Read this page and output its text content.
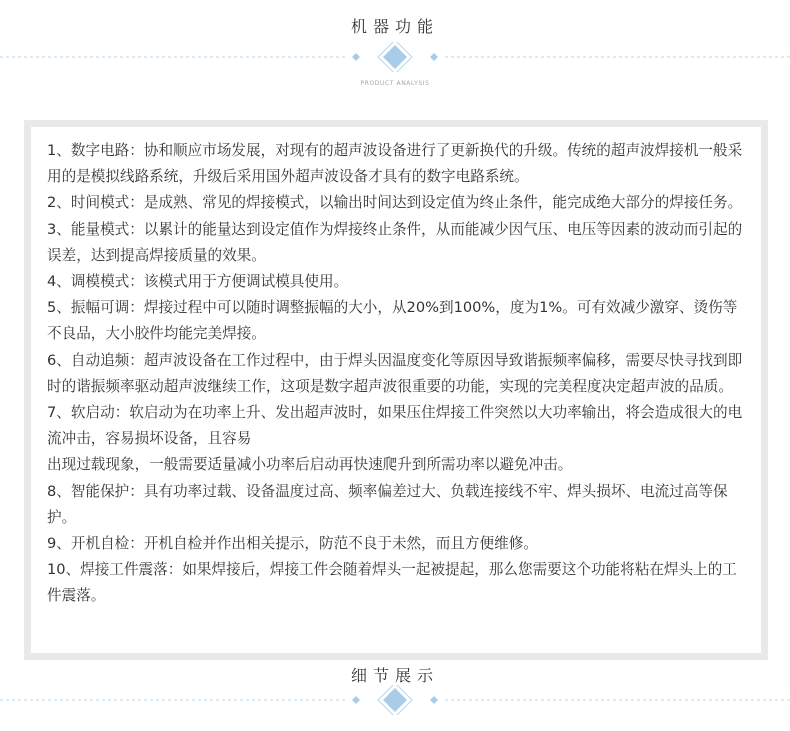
机器功能
PRODUCT ANALYSIS

1、数字电路：协和顺应市场发展，对现有的超声波设备进行了更新换代的升级。传统的超声波焊接机一般采用的是模拟线路系统，升级后采用国外超声波设备才具有的数字电路系统。

2、时间模式：是成熟、常见的焊接模式，以输出时间达到设定值为终止条件，能完成绝大部分的焊接任务。

3、能量模式：以累计的能量达到设定值作为焊接终止条件，从而能减少因气压、电压等因素的波动而引起的误差，达到提高焊接质量的效果。

4、调模模式：该模式用于方便调试模具使用。

5、振幅可调：焊接过程中可以随时调整振幅的大小，从20%到100%，度为1%。可有效减少激穿、烫伤等不良品，大小胶件均能完美焊接。

6、自动追频：超声波设备在工作过程中，由于焊头因温度变化等原因导致谐振频率偏移，需要尽快寻找到即时的谐振频率驱动超声波继续工作，这项是数字超声波很重要的功能，实现的完美程度决定超声波的品质。

7、软启动：软启动为在功率上升、发出超声波时，如果压住焊接工件突然以大功率输出，将会造成很大的电流冲击，容易损坏设备，且容易

出现过载现象，一般需要适量减小功率后启动再快速爬升到所需功率以避免冲击。

8、智能保护：具有功率过载、设备温度过高、频率偏差过大、负载连接线不牢、焊头损坏、电流过高等保护。

9、开机自检：开机自检并作出相关提示，防范不良于未然，而且方便维修。

10、焊接工件震落：如果焊接后，焊接工件会随着焊头一起被提起，那么您需要这个功能将粘在焊头上的工件震落。

细节展示
